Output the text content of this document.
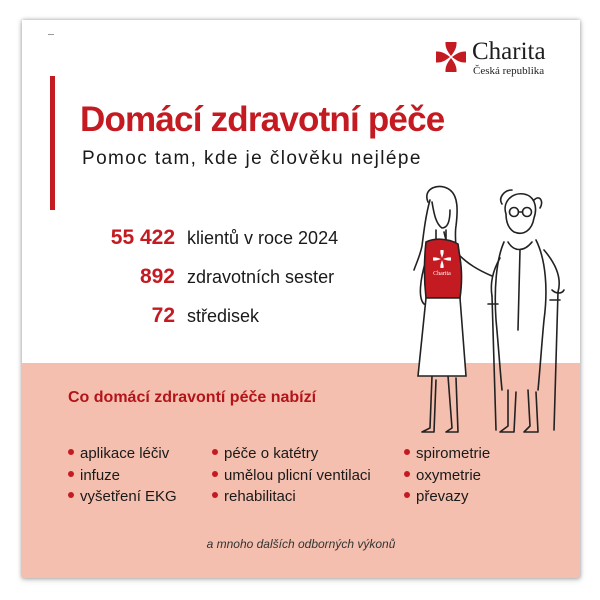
Charita
Česká republika
Domácí zdravotní péče
Pomoc tam, kde je člověku nejlépe
55 422 klientů v roce 2024
892 zdravotních sester
72 středisek
Co domácí zdravontí péče nabízí
aplikace léčiv
infuze
vyšetření EKG
péče o katétry
umělou plicní ventilaci
rehabilitaci
spirometrie
oxymetrie
převazy
a mnoho dalších odborných výkonů
Charita
